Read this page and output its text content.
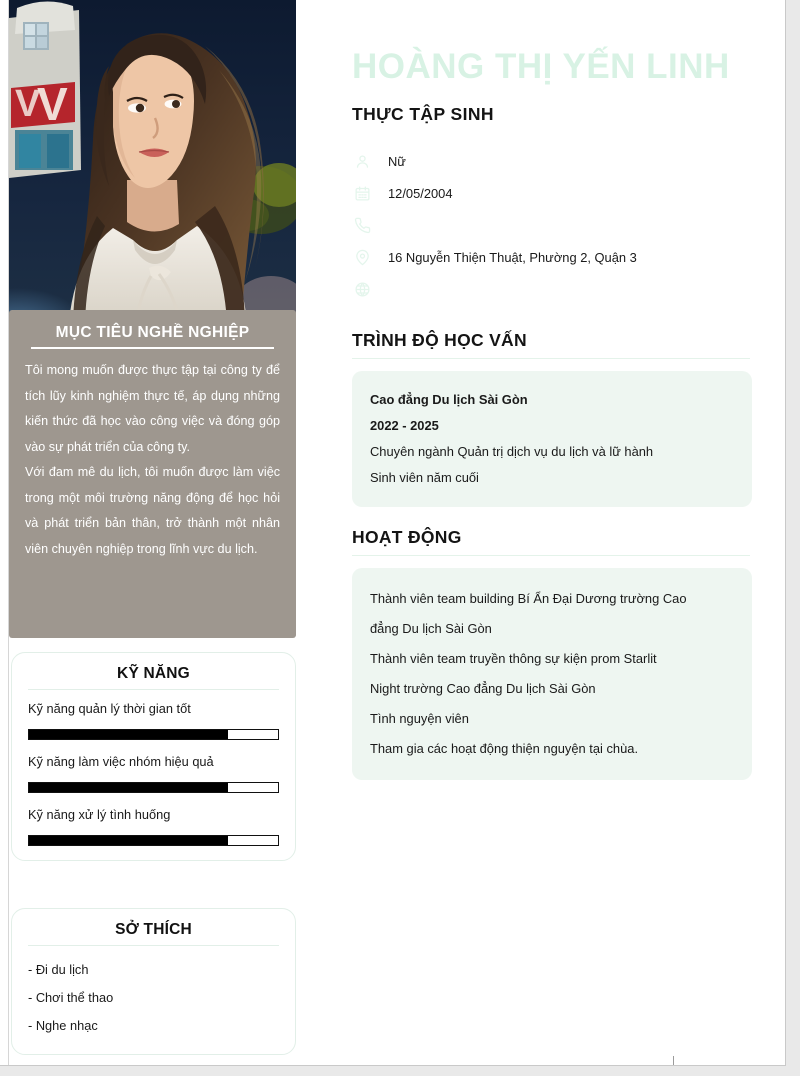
V
V
MỤC TIÊU NGHỀ NGHIỆP

Tôi mong muốn được thực tập tại công ty để tích lũy kinh nghiệm thực tế, áp dụng những kiến thức đã học vào công việc và đóng góp vào sự phát triển của công ty.

Với đam mê du lịch, tôi muốn được làm việc trong một môi trường năng động để học hỏi và phát triển bản thân, trở thành một nhân viên chuyên nghiệp trong lĩnh vực du lịch.

KỸ NĂNG
Kỹ năng quản lý thời gian tốt
Kỹ năng làm việc nhóm hiệu quả
Kỹ năng xử lý tình huống
SỞ THÍCH
- Đi du lịch
- Chơi thể thao
- Nghe nhạc
HOÀNG THỊ YẾN LINH
THỰC TẬP SINH
Nữ
12/05/2004
16 Nguyễn Thiện Thuật, Phường 2, Quận 3
TRÌNH ĐỘ HỌC VẤN
Cao đẳng Du lịch Sài Gòn
2022 - 2025
Chuyên ngành Quản trị dịch vụ du lịch và lữ hành
Sinh viên năm cuối
HOẠT ĐỘNG
Thành viên team building Bí Ẩn Đại Dương trường Cao
đẳng Du lịch Sài Gòn
Thành viên team truyền thông sự kiện prom Starlit
Night trường Cao đẳng Du lịch Sài Gòn
Tình nguyện viên
Tham gia các hoạt động thiện nguyện tại chùa.
